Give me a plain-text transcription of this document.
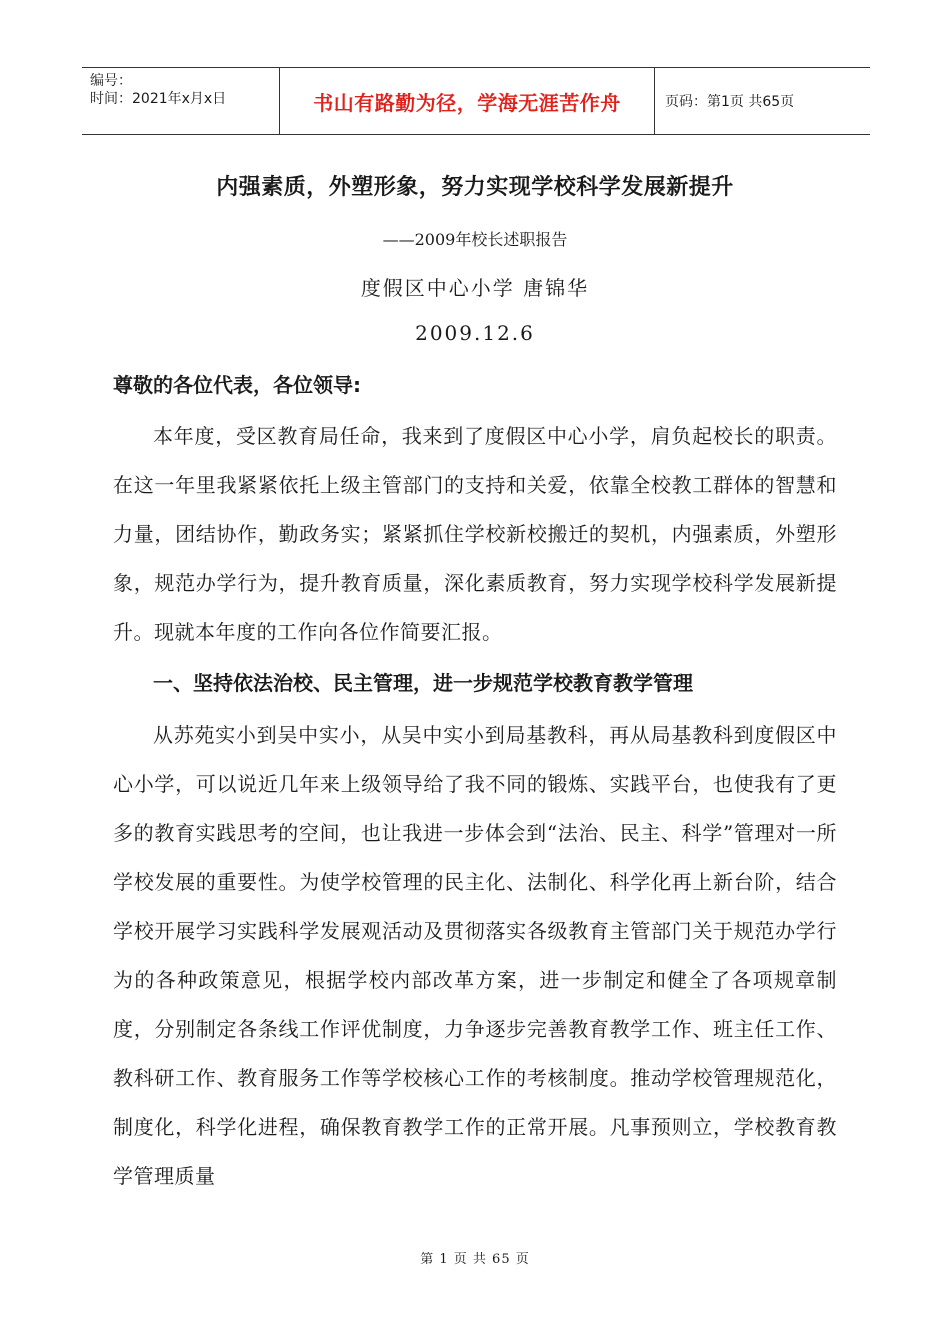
编号：
时间：2021年x月x日	书山有路勤为径，学海无涯苦作舟	页码：第1页 共65页
内强素质，外塑形象，努力实现学校科学发展新提升
——2009年校长述职报告
度假区中心小学 唐锦华
2009.12.6
尊敬的各位代表，各位领导:

本年度，受区教育局任命，我来到了度假区中心小学，肩负起校长的职责。在这一年里我紧紧依托上级主管部门的支持和关爱，依靠全校教工群体的智慧和力量，团结协作，勤政务实；紧紧抓住学校新校搬迁的契机，内强素质，外塑形象，规范办学行为，提升教育质量，深化素质教育，努力实现学校科学发展新提升。现就本年度的工作向各位作简要汇报。

一、坚持依法治校、民主管理，进一步规范学校教育教学管理

从苏苑实小到吴中实小，从吴中实小到局基教科，再从局基教科到度假区中心小学，可以说近几年来上级领导给了我不同的锻炼、实践平台，也使我有了更多的教育实践思考的空间，也让我进一步体会到“法治、民主、科学”管理对一所学校发展的重要性。为使学校管理的民主化、法制化、科学化再上新台阶，结合学校开展学习实践科学发展观活动及贯彻落实各级教育主管部门关于规范办学行为的各种政策意见，根据学校内部改革方案，进一步制定和健全了各项规章制度，分别制定各条线工作评优制度，力争逐步完善教育教学工作、班主任工作、教科研工作、教育服务工作等学校核心工作的考核制度。推动学校管理规范化，制度化，科学化进程，确保教育教学工作的正常开展。凡事预则立，学校教育教学管理质量

第 1 页 共 65 页
